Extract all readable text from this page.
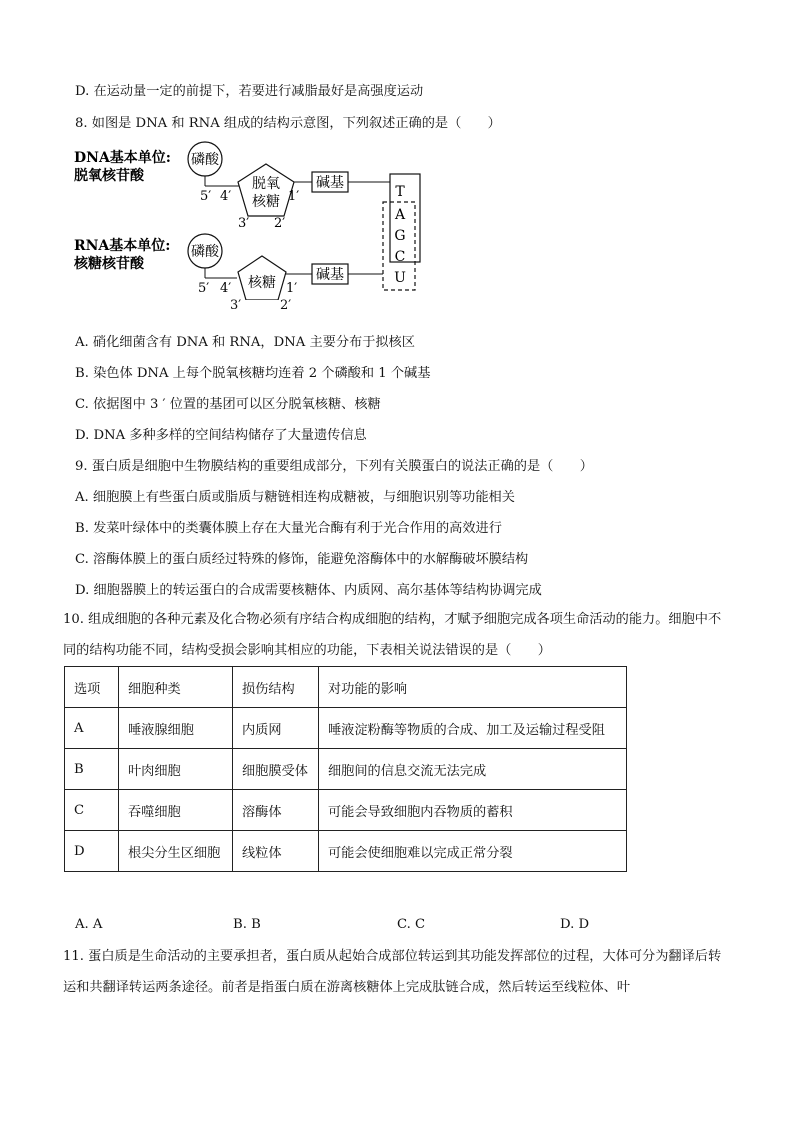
D. 在运动量一定的前提下，若要进行减脂最好是高强度运动
8. 如图是 DNA 和 RNA 组成的结构示意图，下列叙述正确的是（　　）
DNA基本单位:
脱氧核苷酸
磷酸
脱氧
核糖
5′ 4′	1′
3′ 2′
碱基
T
A
G
C
U
RNA基本单位:
核糖核苷酸
磷酸
核糖
5′ 4′	1′
碱基
3′	2′
A. 硝化细菌含有 DNA 和 RNA，DNA 主要分布于拟核区
B. 染色体 DNA 上每个脱氧核糖均连着 2 个磷酸和 1 个碱基
C. 依据图中 3 ′ 位置的基团可以区分脱氧核糖、核糖
D. DNA 多种多样的空间结构储存了大量遗传信息
9. 蛋白质是细胞中生物膜结构的重要组成部分，下列有关膜蛋白的说法正确的是（　　）
A. 细胞膜上有些蛋白质或脂质与糖链相连构成糖被，与细胞识别等功能相关
B. 发菜叶绿体中的类囊体膜上存在大量光合酶有利于光合作用的高效进行
C. 溶酶体膜上的蛋白质经过特殊的修饰，能避免溶酶体中的水解酶破坏膜结构
D. 细胞器膜上的转运蛋白的合成需要核糖体、内质网、高尔基体等结构协调完成
10. 组成细胞的各种元素及化合物必须有序结合构成细胞的结构，才赋予细胞完成各项生命活动的能力。细胞中不同的结构功能不同，结构受损会影响其相应的功能，下表相关说法错误的是（　　）
选项	细胞种类	损伤结构	对功能的影响
A	唾液腺细胞	内质网	唾液淀粉酶等物质的合成、加工及运输过程受阻
B	叶肉细胞	细胞膜受体	细胞间的信息交流无法完成
C	吞噬细胞	溶酶体	可能会导致细胞内吞物质的蓄积
D	根尖分生区细胞	线粒体	可能会使细胞难以完成正常分裂
A. A	B. B	C. C	D. D
11. 蛋白质是生命活动的主要承担者，蛋白质从起始合成部位转运到其功能发挥部位的过程，大体可分为翻译后转运和共翻译转运两条途径。前者是指蛋白质在游离核糖体上完成肽链合成，然后转运至线粒体、叶
